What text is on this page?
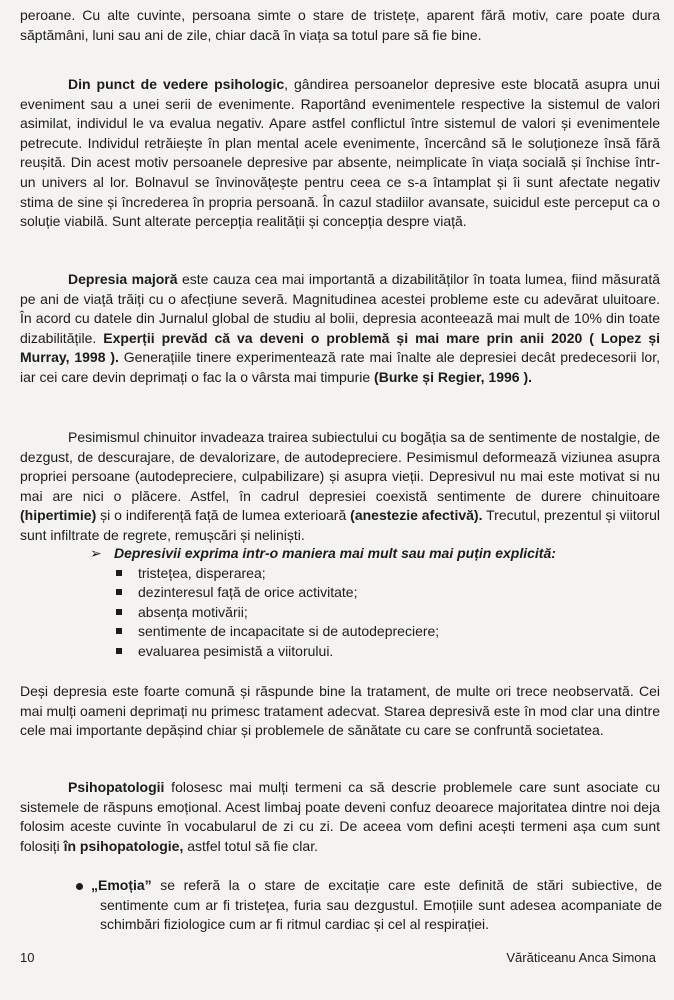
peroane. Cu alte cuvinte, persoana simte o stare de tristețe, aparent fără motiv, care poate dura săptămâni, luni sau ani de zile, chiar dacă în viața sa totul pare să fie bine.

Din punct de vedere psihologic, gândirea persoanelor depresive este blocată asupra unui eveniment sau a unei serii de evenimente. Raportând evenimentele respective la sistemul de valori asimilat, individul le va evalua negativ. Apare astfel conflictul între sistemul de valori și evenimentele petrecute. Individul retrăiește în plan mental acele evenimente, încercând să le soluționeze însă fără reușită. Din acest motiv persoanele depresive par absente, neimplicate în viața socială și închise într-un univers al lor. Bolnavul se învinovățește pentru ceea ce s-a întamplat și îi sunt afectate negativ stima de sine și încrederea în propria persoană. În cazul stadiilor avansate, suicidul este perceput ca o soluție viabilă. Sunt alterate percepția realității și concepția despre viață.

Depresia majoră este cauza cea mai importantă a dizabilităților în toata lumea, fiind măsurată pe ani de viață trăiți cu o afecțiune severă. Magnitudinea acestei probleme este cu adevărat uluitoare. În acord cu datele din Jurnalul global de studiu al bolii, depresia aconteează mai mult de 10% din toate dizabilitățile. Experții prevăd că va deveni o problemă și mai mare prin anii 2020 ( Lopez și Murray, 1998 ). Generațiile tinere experimentează rate mai înalte ale depresiei decât predecesorii lor, iar cei care devin deprimați o fac la o vârsta mai timpurie (Burke și Regier, 1996 ).

Pesimismul chinuitor invadeaza trairea subiectului cu bogăția sa de sentimente de nostalgie, de dezgust, de descurajare, de devalorizare, de autodepreciere. Pesimismul deformează viziunea asupra propriei persoane (autodepreciere, culpabilizare) și asupra vieții. Depresivul nu mai este motivat si nu mai are nici o plăcere. Astfel, în cadrul depresiei coexistă sentimente de durere chinuitoare (hipertimie) și o indiferență față de lumea exterioară (anestezie afectivă). Trecutul, prezentul și viitorul sunt infiltrate de regrete, remușcări și neliniști.

➢ Depresivii exprima intr-o maniera mai mult sau mai puțin explicită:
tristețea, disperarea;
dezinteresul față de orice activitate;
absența motivării;
sentimente de incapacitate si de autodepreciere;
evaluarea pesimistă a viitorului.

Deși depresia este foarte comună și răspunde bine la tratament, de multe ori trece neobservată. Cei mai mulți oameni deprimați nu primesc tratament adecvat. Starea depresivă este în mod clar una dintre cele mai importante depășind chiar și problemele de sănătate cu care se confruntă societatea.

Psihopatologii folosesc mai mulți termeni ca să descrie problemele care sunt asociate cu sistemele de răspuns emoțional. Acest limbaj poate deveni confuz deoarece majoritatea dintre noi deja folosim aceste cuvinte în vocabularul de zi cu zi. De aceea vom defini acești termeni așa cum sunt folosiți în psihopatologie, astfel totul să fie clar.

„Emoția” se referă la o stare de excitație care este definită de stări subiective, de sentimente cum ar fi tristețea, furia sau dezgustul. Emoțiile sunt adesea acompaniate de schimbări fiziologice cum ar fi ritmul cardiac și cel al respirației.

10	Vărăticeanu Anca Simona
